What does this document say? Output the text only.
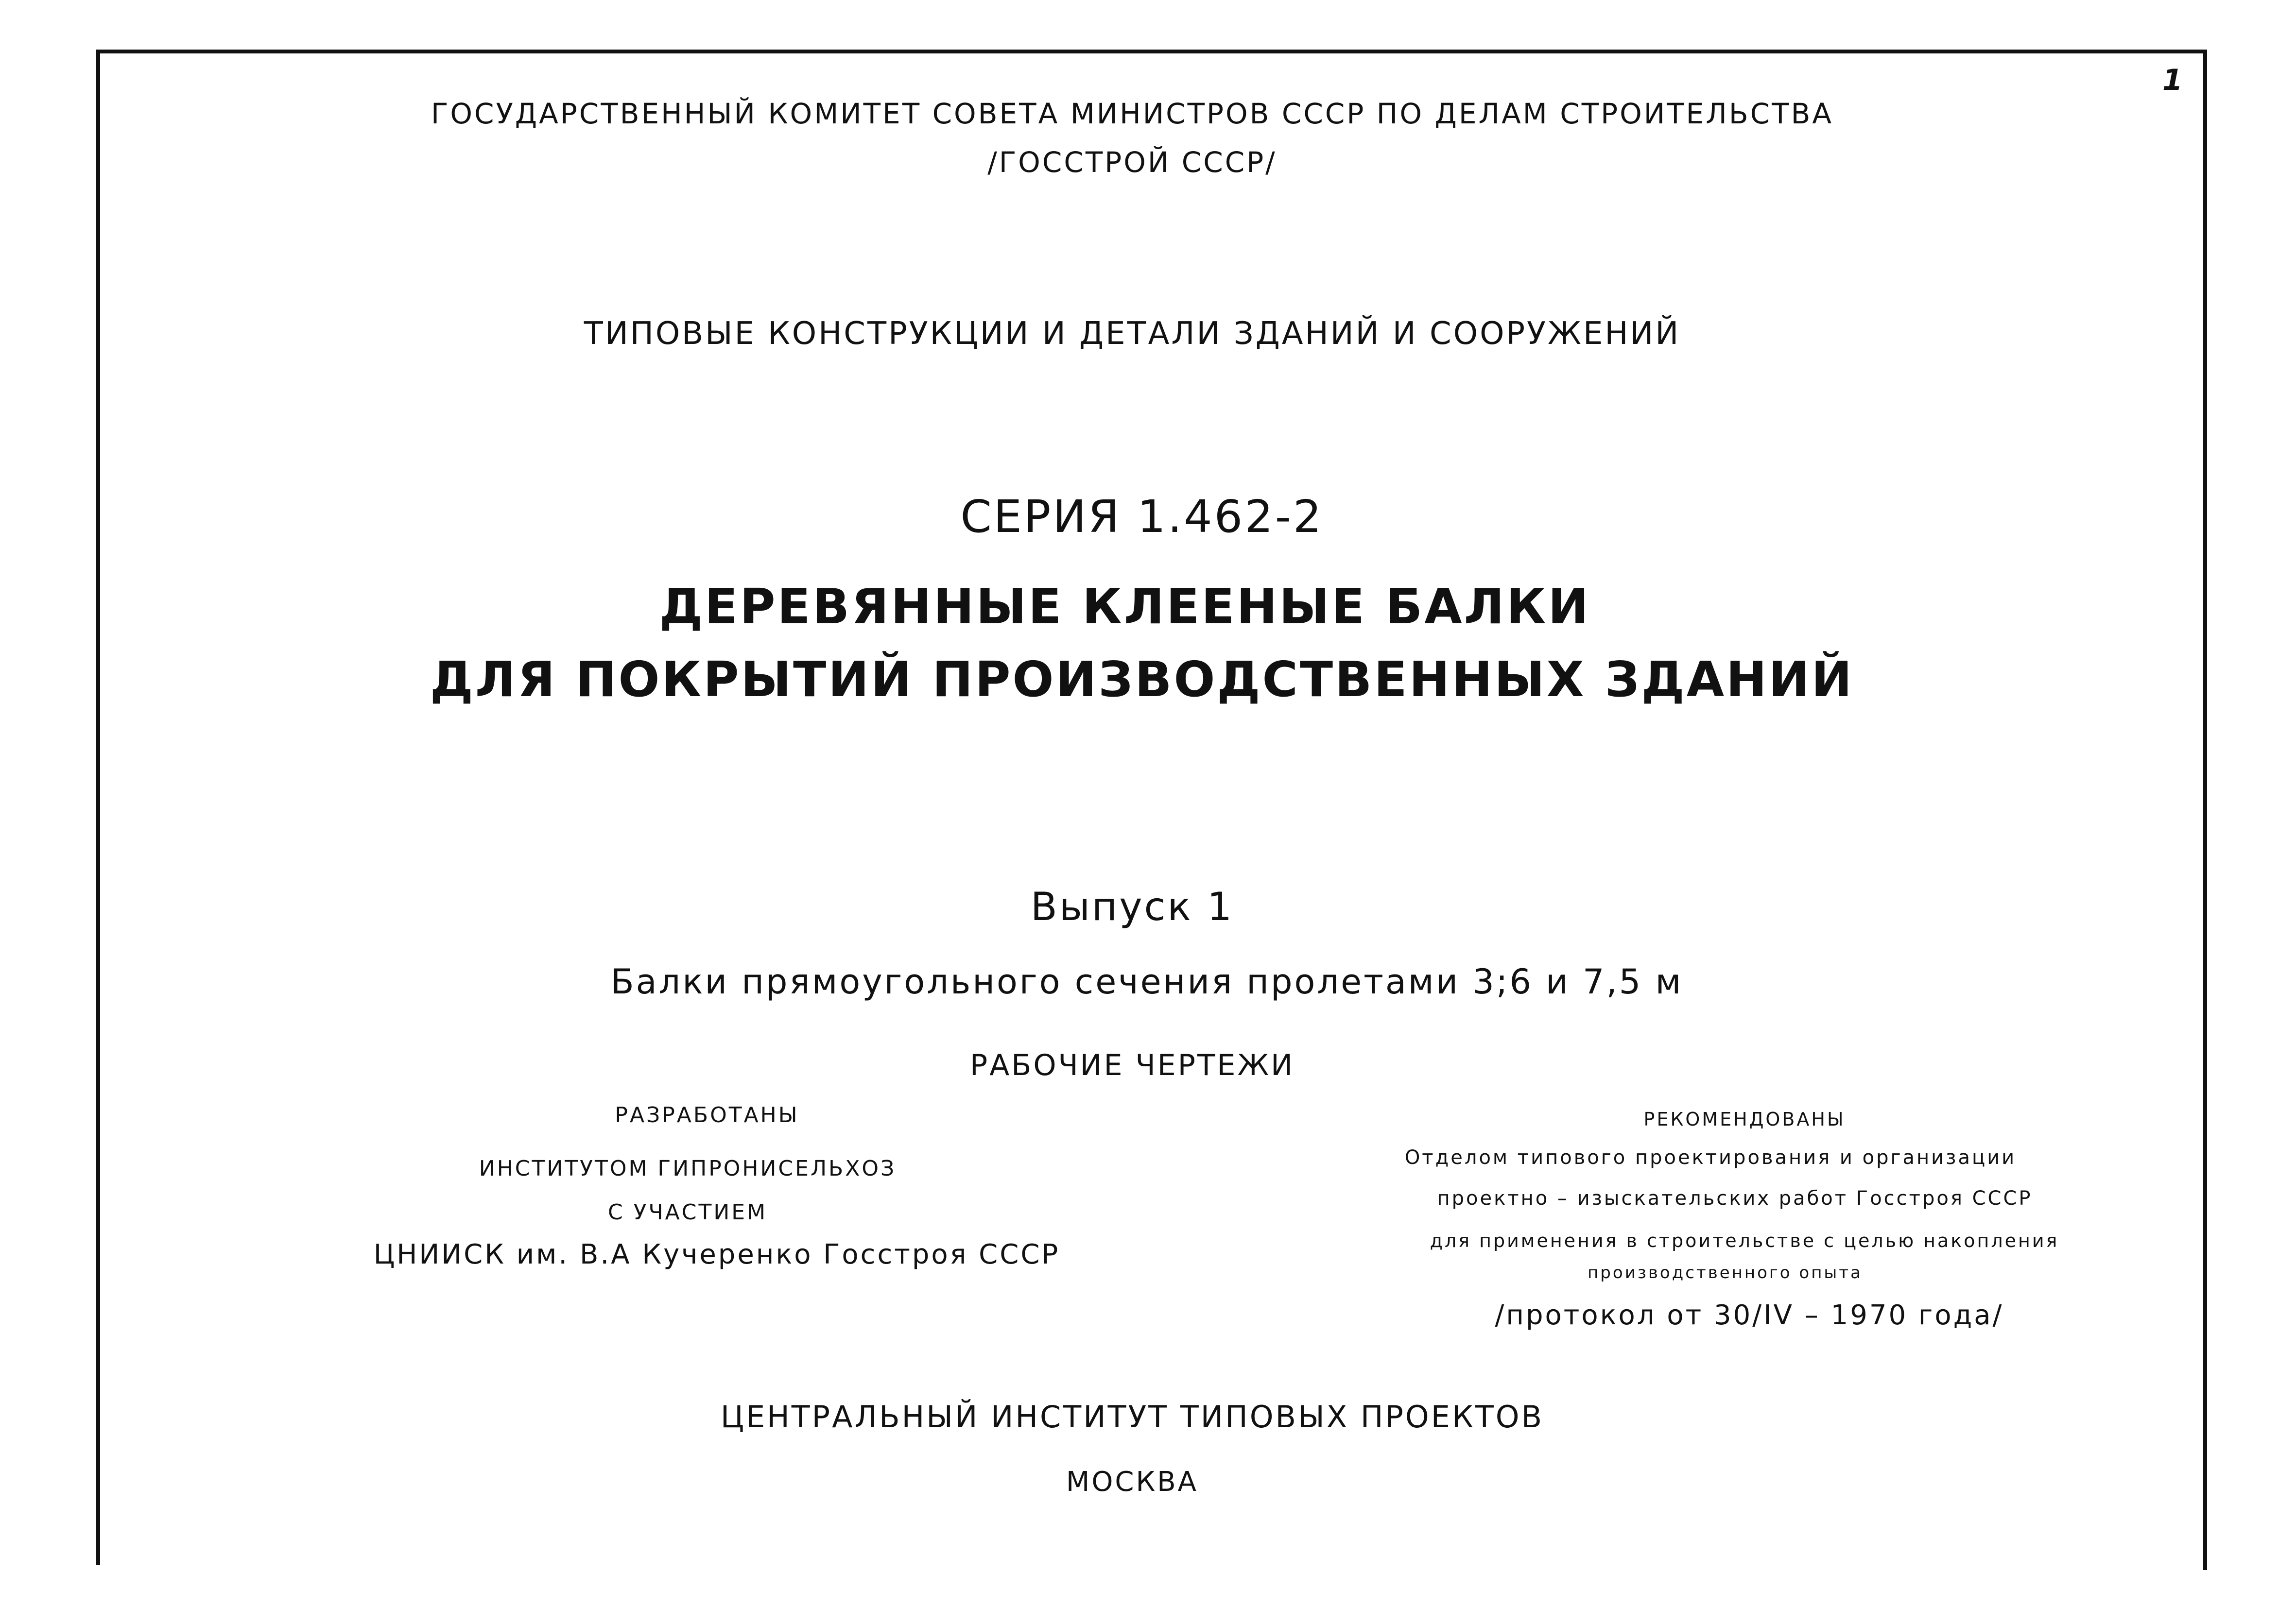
1
ГОСУДАРСТВЕННЫЙ КОМИТЕТ СОВЕТА МИНИСТРОВ СССР ПО ДЕЛАМ СТРОИТЕЛЬСТВА
/ГОССТРОЙ СССР/
ТИПОВЫЕ КОНСТРУКЦИИ И ДЕТАЛИ ЗДАНИЙ И СООРУЖЕНИЙ
СЕРИЯ 1.462-2
ДЕРЕВЯННЫЕ КЛЕЕНЫЕ БАЛКИ
ДЛЯ ПОКРЫТИЙ ПРОИЗВОДСТВЕННЫХ ЗДАНИЙ
Выпуск 1
Балки прямоугольного сечения пролетами 3;6 и 7,5 м
РАБОЧИЕ ЧЕРТЕЖИ
РАЗРАБОТАНЫ
ИНСТИТУТОМ ГИПРОНИСЕЛЬХОЗ
С УЧАСТИЕМ
ЦНИИСК им. В.А Кучеренко Госстроя СССР
РЕКОМЕНДОВАНЫ
Отделом типового проектирования и организации
проектно – изыскательских работ Госстроя СССР
для применения в строительстве с целью накопления
производственного опыта
/протокол от 30/IV – 1970 года/
ЦЕНТРАЛЬНЫЙ ИНСТИТУТ ТИПОВЫХ ПРОЕКТОВ
МОСКВА
